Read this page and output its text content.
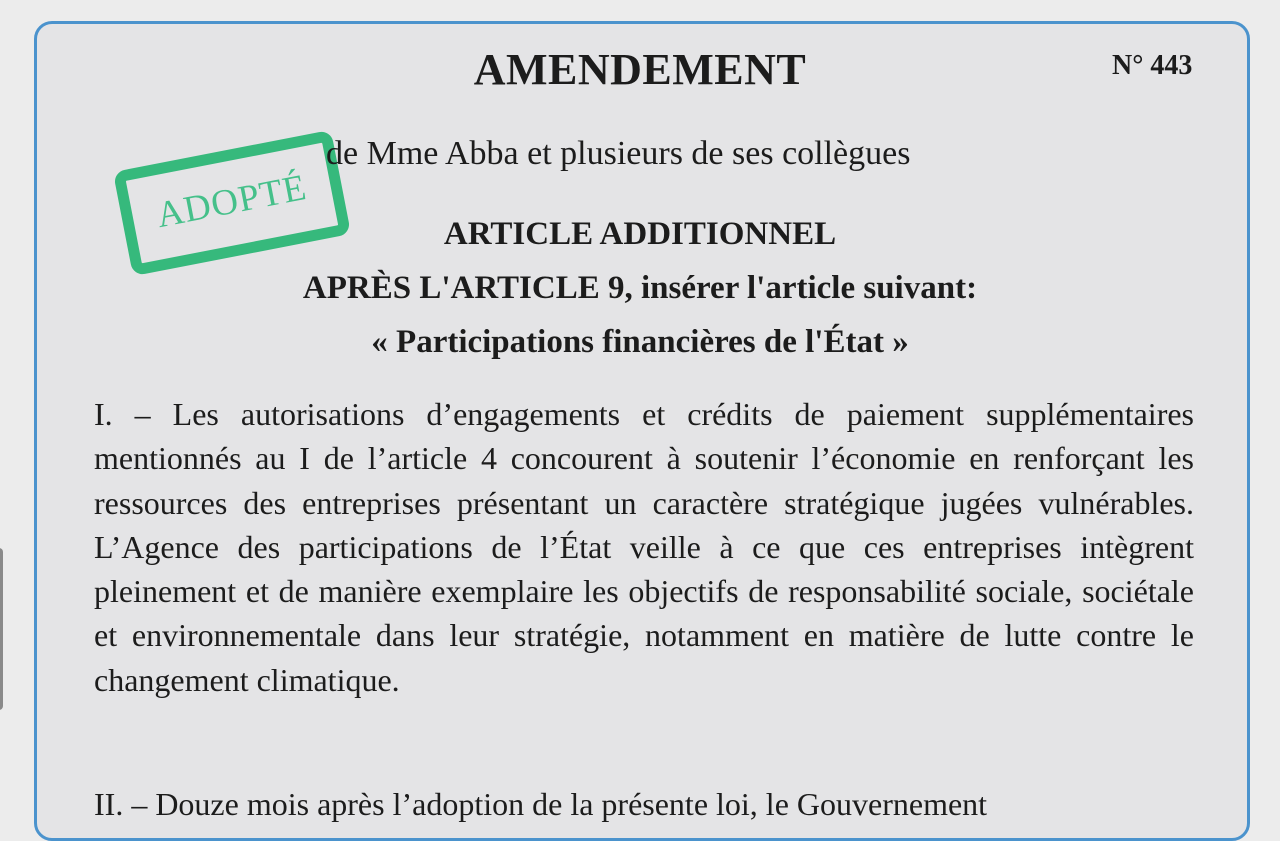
ADOPTÉ
AMENDEMENT	N° 443
de Mme Abba et plusieurs de ses collègues
ARTICLE ADDITIONNEL
APRÈS L'ARTICLE 9, insérer l'article suivant:
« Participations financières de l'État »
I. – Les autorisations d’engagements et crédits de paiement supplémentaires mentionnés au I de l’article 4 concourent à soutenir l’économie en renforçant les ressources des entreprises présentant un caractère stratégique jugées vulnérables. L’Agence des participations de l’État veille à ce que ces entreprises intègrent pleinement et de manière exemplaire les objectifs de responsabilité sociale, sociétale et environnementale dans leur stratégie, notamment en matière de lutte contre le changement climatique.
II. – Douze mois après l’adoption de la présente loi, le Gouvernement
